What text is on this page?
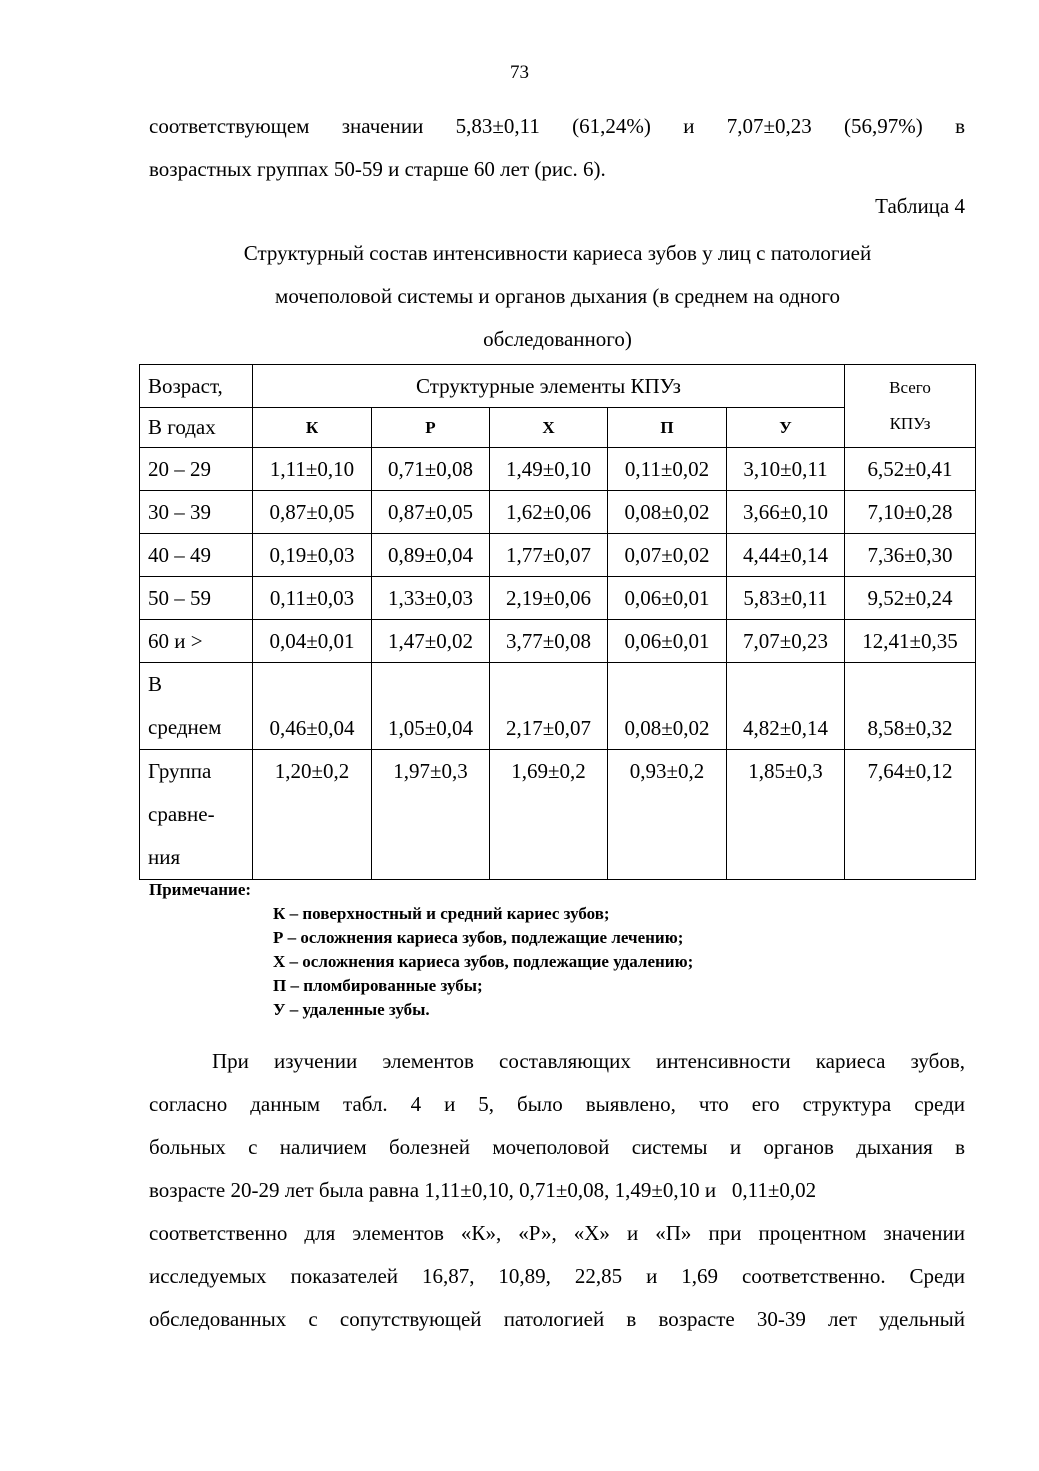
73
соответствующем значении 5,83±0,11 (61,24%) и 7,07±0,23 (56,97%) в
возрастных группах 50-59 и старше 60 лет (рис. 6).
Таблица 4
Структурный состав интенсивности кариеса зубов у лиц с патологией
мочеполовой системы и органов дыхания (в среднем на одного
обследованного)
Возраст,	Структурные элементы КПУз					Всего
КПУз

В годах	К	Р	Х	П	У	
20 – 29	1,11±0,10	0,71±0,08	1,49±0,10	0,11±0,02	3,10±0,11	6,52±0,41
30 – 39	0,87±0,05	0,87±0,05	1,62±0,06	0,08±0,02	3,66±0,10	7,10±0,28
40 – 49	0,19±0,03	0,89±0,04	1,77±0,07	0,07±0,02	4,44±0,14	7,36±0,30
50 – 59	0,11±0,03	1,33±0,03	2,19±0,06	0,06±0,01	5,83±0,11	9,52±0,24
60 и >	0,04±0,01	1,47±0,02	3,77±0,08	0,06±0,01	7,07±0,23	12,41±0,35

В
среднем	0,46±0,04	1,05±0,04	2,17±0,07	0,08±0,02	4,82±0,14	8,58±0,32

Группа
сравне-
ния	1,20±0,2	1,97±0,3	1,69±0,2	0,93±0,2	1,85±0,3	7,64±0,12
Примечание:
К – поверхностный и средний кариес зубов;
Р – осложнения кариеса зубов, подлежащие лечению;
Х – осложнения кариеса зубов, подлежащие удалению;
П – пломбированные зубы;
У – удаленные зубы.
При изучении элементов составляющих интенсивности кариеса зубов,
согласно данным табл. 4 и 5, было выявлено, что его структура среди
больных с наличием болезней мочеполовой системы и органов дыхания в
возрасте 20-29 лет была равна 1,11±0,10, 0,71±0,08, 1,49±0,10 и   0,11±0,02
соответственно для элементов «К», «Р», «Х» и «П» при процентном значении
исследуемых показателей 16,87, 10,89, 22,85 и 1,69 соответственно. Среди
обследованных с сопутствующей патологией в возрасте 30-39 лет удельный
